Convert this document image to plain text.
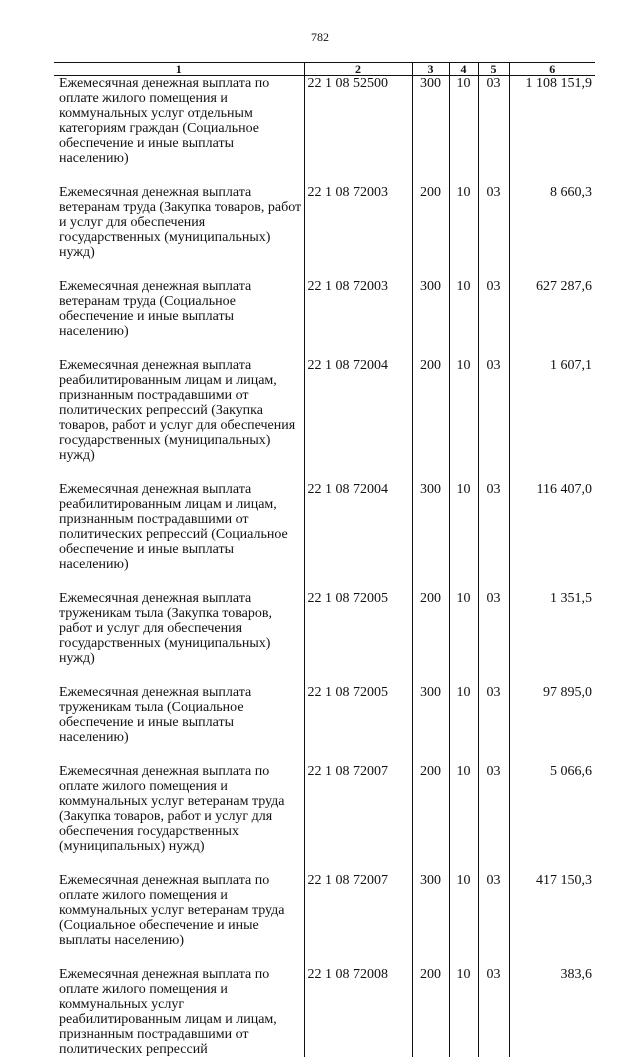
782
1	2	3	4	5	6
Ежемесячная денежная выплата по оплате жилого помещения и коммунальных услуг отдельным категориям граждан (Социальное обеспечение и иные выплаты населению)	22 1 08 52500	300	10	03	1 108 151,9
Ежемесячная денежная выплата ветеранам труда (Закупка товаров, работ и услуг для обеспечения государственных (муниципальных) нужд)	22 1 08 72003	200	10	03	8 660,3
Ежемесячная денежная выплата ветеранам труда (Социальное обеспечение и иные выплаты населению)	22 1 08 72003	300	10	03	627 287,6
Ежемесячная денежная выплата реабилитированным лицам и лицам, признанным пострадавшими от политических репрессий (Закупка товаров, работ и услуг для обеспечения государственных (муниципальных) нужд)	22 1 08 72004	200	10	03	1 607,1
Ежемесячная денежная выплата реабилитированным лицам и лицам, признанным пострадавшими от политических репрессий (Социальное обеспечение и иные выплаты населению)	22 1 08 72004	300	10	03	116 407,0
Ежемесячная денежная выплата труженикам тыла (Закупка товаров, работ и услуг для обеспечения государственных (муниципальных) нужд)	22 1 08 72005	200	10	03	1 351,5
Ежемесячная денежная выплата труженикам тыла (Социальное обеспечение и иные выплаты населению)	22 1 08 72005	300	10	03	97 895,0
Ежемесячная денежная выплата по оплате жилого помещения и коммунальных услуг ветеранам труда (Закупка товаров, работ и услуг для обеспечения государственных (муниципальных) нужд)	22 1 08 72007	200	10	03	5 066,6
Ежемесячная денежная выплата по оплате жилого помещения и коммунальных услуг ветеранам труда (Социальное обеспечение и иные выплаты населению)	22 1 08 72007	300	10	03	417 150,3
Ежемесячная денежная выплата по оплате жилого помещения и коммунальных услуг реабилитированным лицам и лицам, признанным пострадавшими от политических репрессий	22 1 08 72008	200	10	03	383,6
